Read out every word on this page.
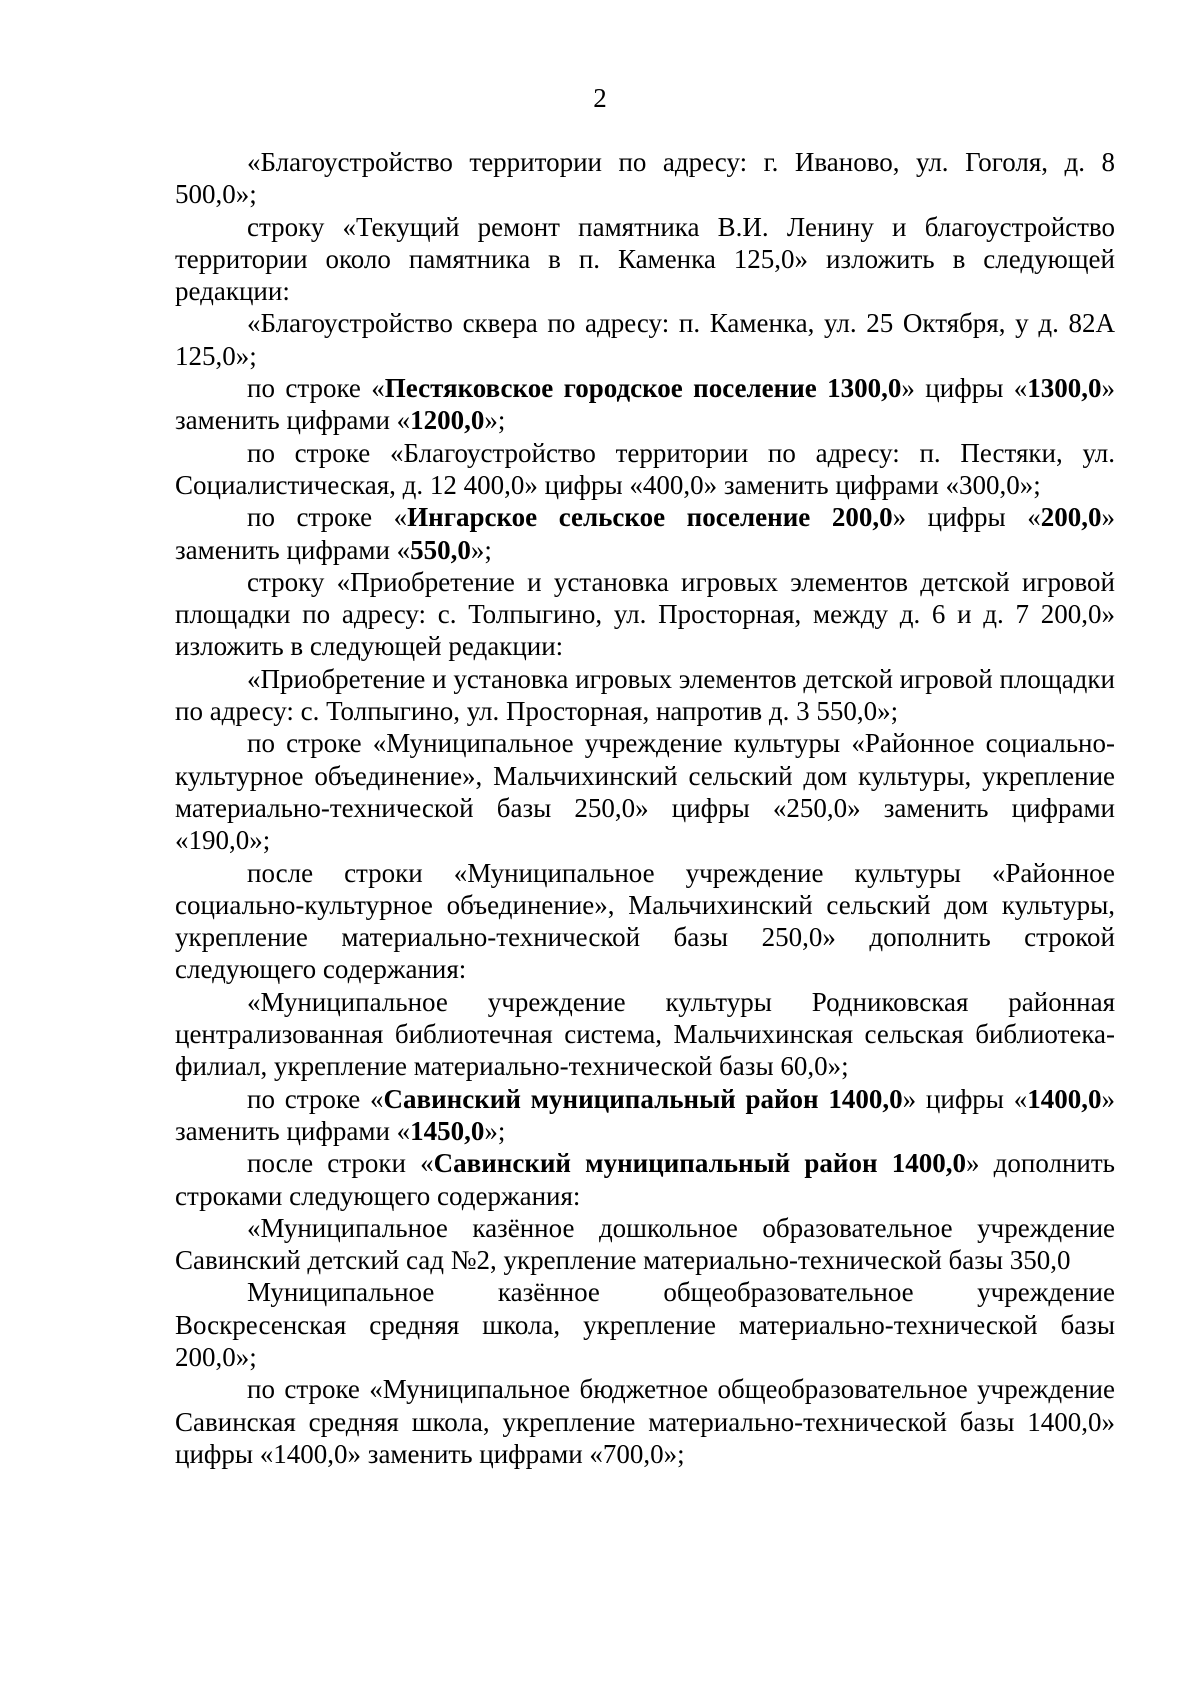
2

«Благоустройство территории по адресу: г. Иваново, ул. Гоголя, д. 8 500,0»;

строку «Текущий ремонт памятника В.И. Ленину и благоустройство территории около памятника в п. Каменка 125,0» изложить в следующей редакции:

«Благоустройство сквера по адресу: п. Каменка, ул. 25 Октября, у д. 82А 125,0»;

по строке «Пестяковское городское поселение 1300,0» цифры «1300,0» заменить цифрами «1200,0»;

по строке «Благоустройство территории по адресу: п. Пестяки, ул. Социалистическая, д. 12 400,0» цифры «400,0» заменить цифрами «300,0»;

по строке «Ингарское сельское поселение 200,0» цифры «200,0» заменить цифрами «550,0»;

строку «Приобретение и установка игровых элементов детской игровой площадки по адресу: с. Толпыгино, ул. Просторная, между д. 6 и д. 7 200,0» изложить в следующей редакции:

«Приобретение и установка игровых элементов детской игровой площадки по адресу: с. Толпыгино, ул. Просторная, напротив д. 3 550,0»;

по строке «Муниципальное учреждение культуры «Районное социально-культурное объединение», Мальчихинский сельский дом культуры, укрепление материально-технической базы 250,0» цифры «250,0» заменить цифрами «190,0»;

после строки «Муниципальное учреждение культуры «Районное социально-культурное объединение», Мальчихинский сельский дом культуры, укрепление материально-технической базы 250,0» дополнить строкой следующего содержания:

«Муниципальное учреждение культуры Родниковская районная централизованная библиотечная система, Мальчихинская сельская библиотека-филиал, укрепление материально-технической базы 60,0»;

по строке «Савинский муниципальный район 1400,0» цифры «1400,0» заменить цифрами «1450,0»;

после строки «Савинский муниципальный район 1400,0» дополнить строками следующего содержания:

«Муниципальное казённое дошкольное образовательное учреждение Савинский детский сад №2, укрепление материально-технической базы 350,0

Муниципальное казённое общеобразовательное учреждение Воскресенская средняя школа, укрепление материально-технической базы 200,0»;

по строке «Муниципальное бюджетное общеобразовательное учреждение Савинская средняя школа, укрепление материально-технической базы 1400,0» цифры «1400,0» заменить цифрами «700,0»;
